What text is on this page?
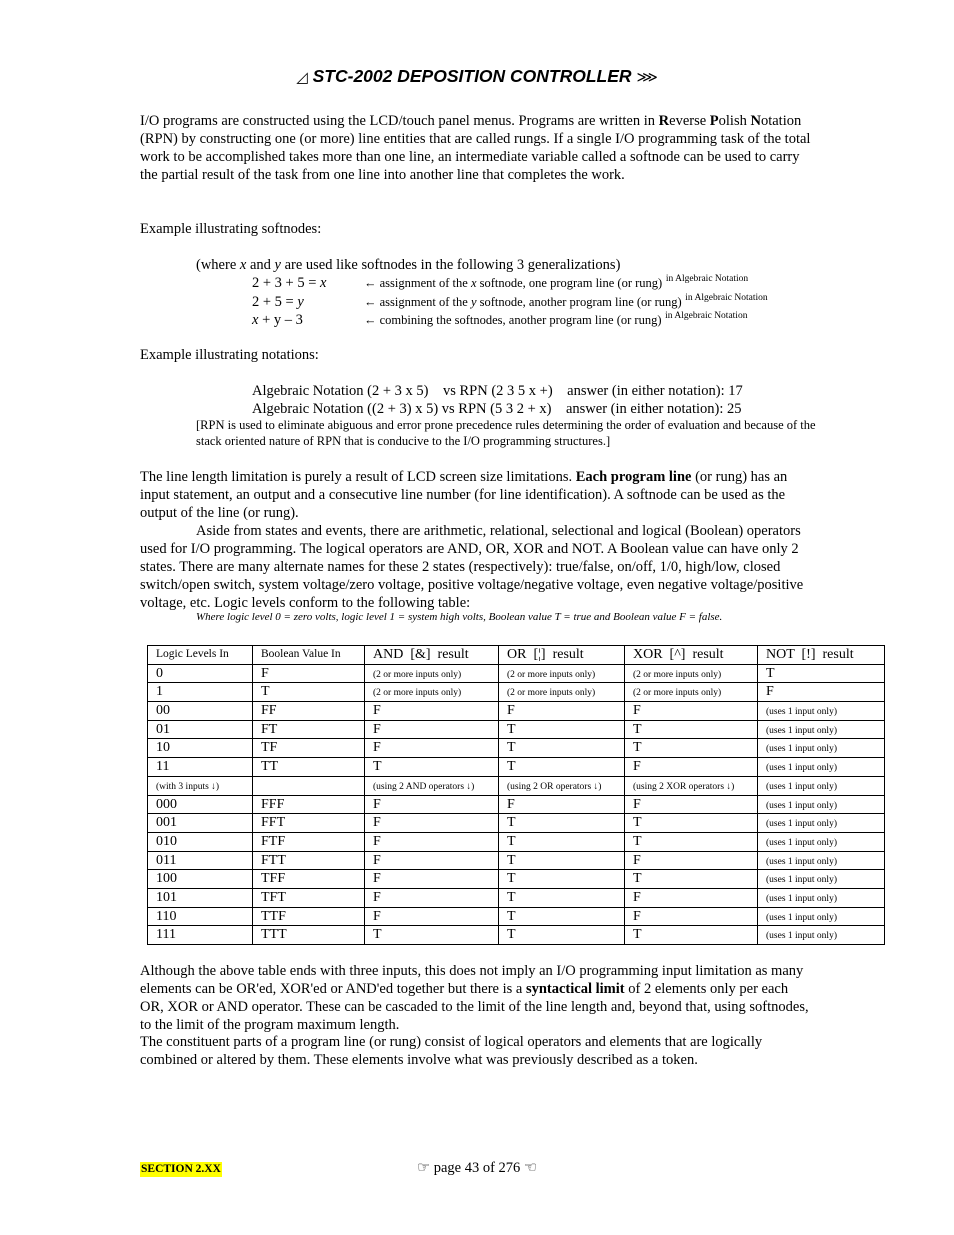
◿ STC-2002 DEPOSITION CONTROLLER ⋙
I/O programs are constructed using the LCD/touch panel menus. Programs are written in Reverse Polish Notation (RPN) by constructing one (or more) line entities that are called rungs. If a single I/O programming task of the total work to be accomplished takes more than one line, an intermediate variable called a softnode can be used to carry the partial result of the task from one line into another line that completes the work.
Example illustrating softnodes:
(where x and y are used like softnodes in the following 3 generalizations)
2 + 3 + 5 = x	← assignment of the x softnode, one program line (or rung) $^{in Algebraic Notation}$
2 + 5 = y	← assignment of the y softnode, another program line (or rung) $^{in Algebraic Notation}$
x + y – 3	← combining the softnodes, another program line (or rung) $^{in Algebraic Notation}$
Example illustrating notations:
Algebraic Notation (2 + 3 x 5)    vs RPN (2 3 5 x +)    answer (in either notation): 17
Algebraic Notation ((2 + 3) x 5) vs RPN (5 3 2 + x)    answer (in either notation): 25
[RPN is used to eliminate abiguous and error prone precedence rules determining the order of evaluation and because of the stack oriented nature of RPN that is conducive to the I/O programming structures.]
The line length limitation is purely a result of LCD screen size limitations. Each program line (or rung) has an input statement, an output and a consecutive line number (for line identification). A softnode can be used as the output of the line (or rung).
Aside from states and events, there are arithmetic, relational, selectional and logical (Boolean) operators used for I/O programming. The logical operators are AND, OR, XOR and NOT. A Boolean value can have only 2 states. There are many alternate names for these 2 states (respectively): true/false, on/off, 1/0, high/low, closed switch/open switch, system voltage/zero voltage, positive voltage/negative voltage, even negative voltage/positive voltage, etc. Logic levels conform to the following table:
Where logic level 0 = zero volts, logic level 1 = system high volts, Boolean value T = true and Boolean value F = false.
Logic Levels In	Boolean Value In	AND  [&]  result	OR  [¦]  result	XOR  [^]  result	NOT  [!]  result
0	F	(2 or more inputs only)	(2 or more inputs only)	(2 or more inputs only)	T
1	T	(2 or more inputs only)	(2 or more inputs only)	(2 or more inputs only)	F
00	FF	F	F	F	(uses 1 input only)
01	FT	F	T	T	(uses 1 input only)
10	TF	F	T	T	(uses 1 input only)
11	TT	T	T	F	(uses 1 input only)
(with 3 inputs ↓)		(using 2 AND operators ↓)	(using 2 OR operators ↓)	(using 2 XOR operators ↓)	(uses 1 input only)
000	FFF	F	F	F	(uses 1 input only)
001	FFT	F	T	T	(uses 1 input only)
010	FTF	F	T	T	(uses 1 input only)
011	FTT	F	T	F	(uses 1 input only)
100	TFF	F	T	T	(uses 1 input only)
101	TFT	F	T	F	(uses 1 input only)
110	TTF	F	T	F	(uses 1 input only)
111	TTT	T	T	T	(uses 1 input only)
Although the above table ends with three inputs, this does not imply an I/O programming input limitation as many elements can be OR'ed, XOR'ed or AND'ed together but there is a syntactical limit of 2 elements only per each OR, XOR or AND operator. These can be cascaded to the limit of the line length and, beyond that, using softnodes, to the limit of the program maximum length.
The constituent parts of a program line (or rung) consist of logical operators and elements that are logically combined or altered by them. These elements involve what was previously described as a token.
SECTION 2.XX	☞ page 43 of 276 ☜
